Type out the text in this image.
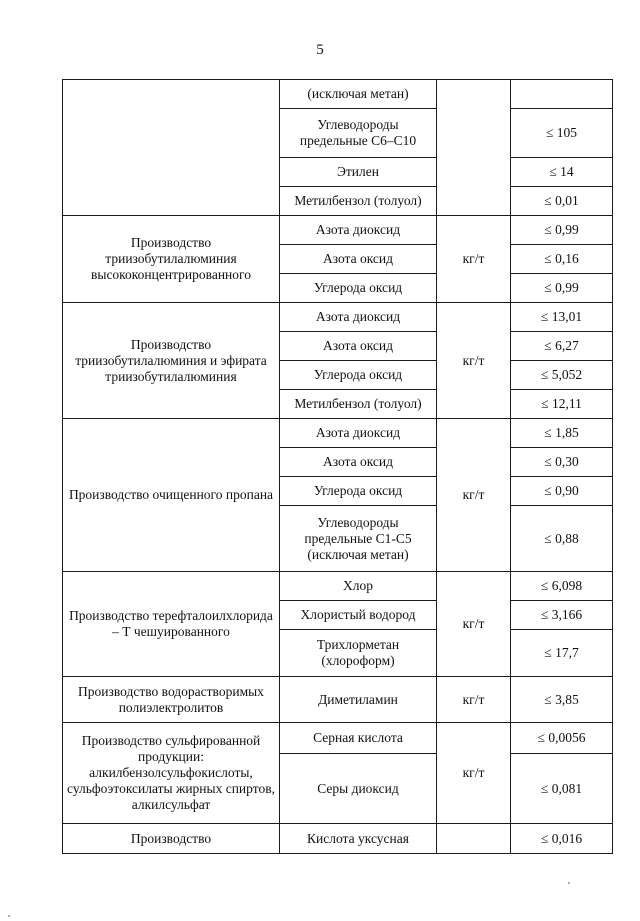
5
	(исключая метан)		
	Углеводороды предельные С6–С10		≤ 105
	Этилен		≤ 14
	Метилбензол (толуол)		≤ 0,01
Производство триизобутилалюминия высококонцентрированного	Азота диоксид	кг/т	≤ 0,99
	Азота оксид		≤ 0,16
	Углерода оксид		≤ 0,99
Производство триизобутилалюминия и эфирата триизобутилалюминия	Азота диоксид	кг/т	≤ 13,01
	Азота оксид		≤ 6,27
	Углерода оксид		≤ 5,052
	Метилбензол (толуол)		≤ 12,11
Производство очищенного пропана	Азота диоксид	кг/т	≤ 1,85
	Азота оксид		≤ 0,30
	Углерода оксид		≤ 0,90
	Углеводороды предельные С1-С5 (исключая метан)		≤ 0,88
Производство терефталоилхлорида – Т чешуированного	Хлор	кг/т	≤ 6,098
	Хлористый водород		≤ 3,166
	Трихлорметан (хлороформ)		≤ 17,7
Производство водорастворимых полиэлектролитов	Диметиламин	кг/т	≤ 3,85
Производство сульфированной продукции: алкилбензолсульфокислоты, сульфоэтоксилаты жирных спиртов, алкилсульфат	Серная кислота	кг/т	≤ 0,0056
	Серы диоксид		≤ 0,081
Производство	Кислота уксусная		≤ 0,016
